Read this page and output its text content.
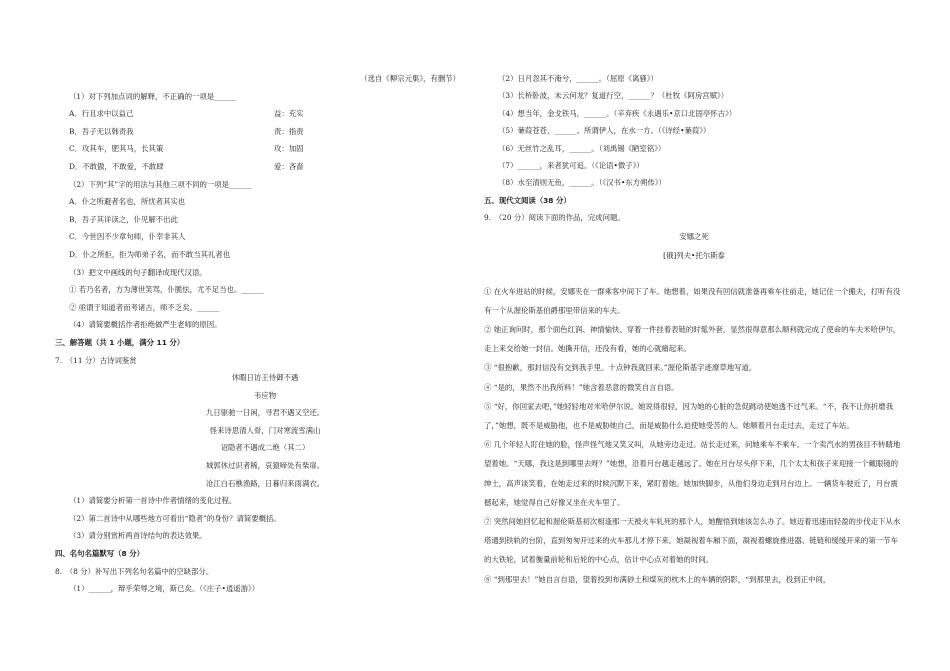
（选自《柳宗元集》，有删节）
（1）对下列加点词的解释，不正确的一项是______
A．行且求中以益己	益：充实
B．吾子无以韩责我	责：指责
C．攻其车，肥其马，长其策	攻：加固
D．不敢傲，不敢爱，不敢肆	爱：吝啬
（2）下列“其”字的用法与其他三项不同的一项是______
A．仆之所避者名也，所忧者其实也
B．吾子其详读之，仆见解不出此
C．今世因不少章句师，仆幸非其人
D．仆之所拒，拒为师弟子名，而不敢当其礼者也
（3）把文中画线的句子翻译成现代汉语。
① 若乃名者，方为薄世笑骂，仆脆怯，尤不足当也。______
② 亟谓于知道者而考诸古，师不乏矣。______
（4）请简要概括作者拒绝做严生老师的原因。
三、解答题（共 1 小题，满分 11 分）
7.　（11 分）古诗词鉴赏
休暇日访王侍御不遇
韦应物
九日驱驰一日闲，寻君不遇又空还。
怪来诗思清人骨，门对寒流雪满山
诏隐者不遇成二绝（其二）
城郭休过识者稀，哀猿啼处有柴扉。
沧江白石樵渔路，日暮归来雨满衣。
（1）请简要分析第一首诗中作者情绪的变化过程。
（2）第二首诗中从哪些地方可看出“隐者”的身份？请简要概括。
（3）请分别赏析两首诗结句的表达效果。
四、名句名篇默写（8 分）
8.　（8 分）补写出下列名句名篇中的空缺部分。
（1）______，辩乎荣辱之境，斯已矣。（《庄子•逍遥游》）
（2）日月忽其不淹兮，______。（屈原《离骚》）
（3）长桥卧波，未云何龙？复道行空，______？（杜牧《阿房宫赋》）
（4）想当年，金戈铁马，______。（辛弃疾《永遇乐•京口北固亭怀古》）
（5）蒹葭苍苍，______。所谓伊人，在水一方。（《诗经•蒹葭》）
（6）无丝竹之乱耳，______。（刘禹锡《陋室铭》）
（7）______，来者犹可追。（《论语•微子》）
（8）水至清则无鱼，______。（《汉书•东方朔传》）
五、现代文阅读（38 分）
9.　（20 分）阅读下面的作品，完成问题。
安娜之死
[俄]列夫•托尔斯泰
① 在火车进站的时候，安娜夹在一群乘客中间下了车。她想着，如果没有回信就准备再乘车往前走，她记住一个搬夫，打听有没有一个从渥伦斯基伯爵那里带信来的车夫。
② 她正询问时，那个面色红润、神情愉快、穿着一件挂着表链的时髦外套，显然很得意那么顺利就完成了使命的车夫米哈伊尔，走上来交给她一封信。她撕开信，还没有看，她的心就痛起来。
③ “很抱歉，那封信没有交到我手里。十点钟我就回来。”渥伦斯基字迹潦草地写道。
④ “是的，果然不出我所料！”她含着恶意的微笑自言自语。
⑤ “好，你回家去吧，”她轻轻地对米哈伊尔说。她说得很轻，因为她的心脏的急促跳动使她透不过气来。“不，我不让你折磨我了，”她想，既不是威胁他，也不是威胁她自己，而是威胁什么迫使她受苦的人。她顺着月台走过去，走过了车站。
⑥ 几个年轻人盯住她的脸，怪声怪气地又笑又叫，从她旁边走过。站长走过来，问她乘车不乘车。一个卖汽水的男孩目不转睛地望着她。“天哪，我这是到哪里去呀？”她想，沿着月台越走越远了。她在月台尽头停下来，几个太太和孩子来迎接一个戴眼镜的绅士，高声谈笑着，在她走过来的时候沉默下来，紧盯着她。她加快脚步，从他们身边走到月台边上。一辆货车驶近了，月台震撼起来，她觉得自己好像又坐在火车里了。
⑦ 突然间她回忆起和渥伦斯基初次相逢那一天被火车轧死的那个人，她醒悟到她该怎么办了。她迈着迅速而轻盈的步伐走下从水塔通到铁轨的台阶，直到匆匆开过来的火车那儿才停下来。她凝视着车厢下面，凝视着螺旋推进器、链链和缓缓开来的第一节车的大铁轮，试着衡量前轮和后轮的中心点，估计中心点对着她的时间。
⑧ “到那里去！”她自言自语，望着投到布满砂土和煤灰的枕木上的车辆的阴影，“到那里去，投到正中间，
